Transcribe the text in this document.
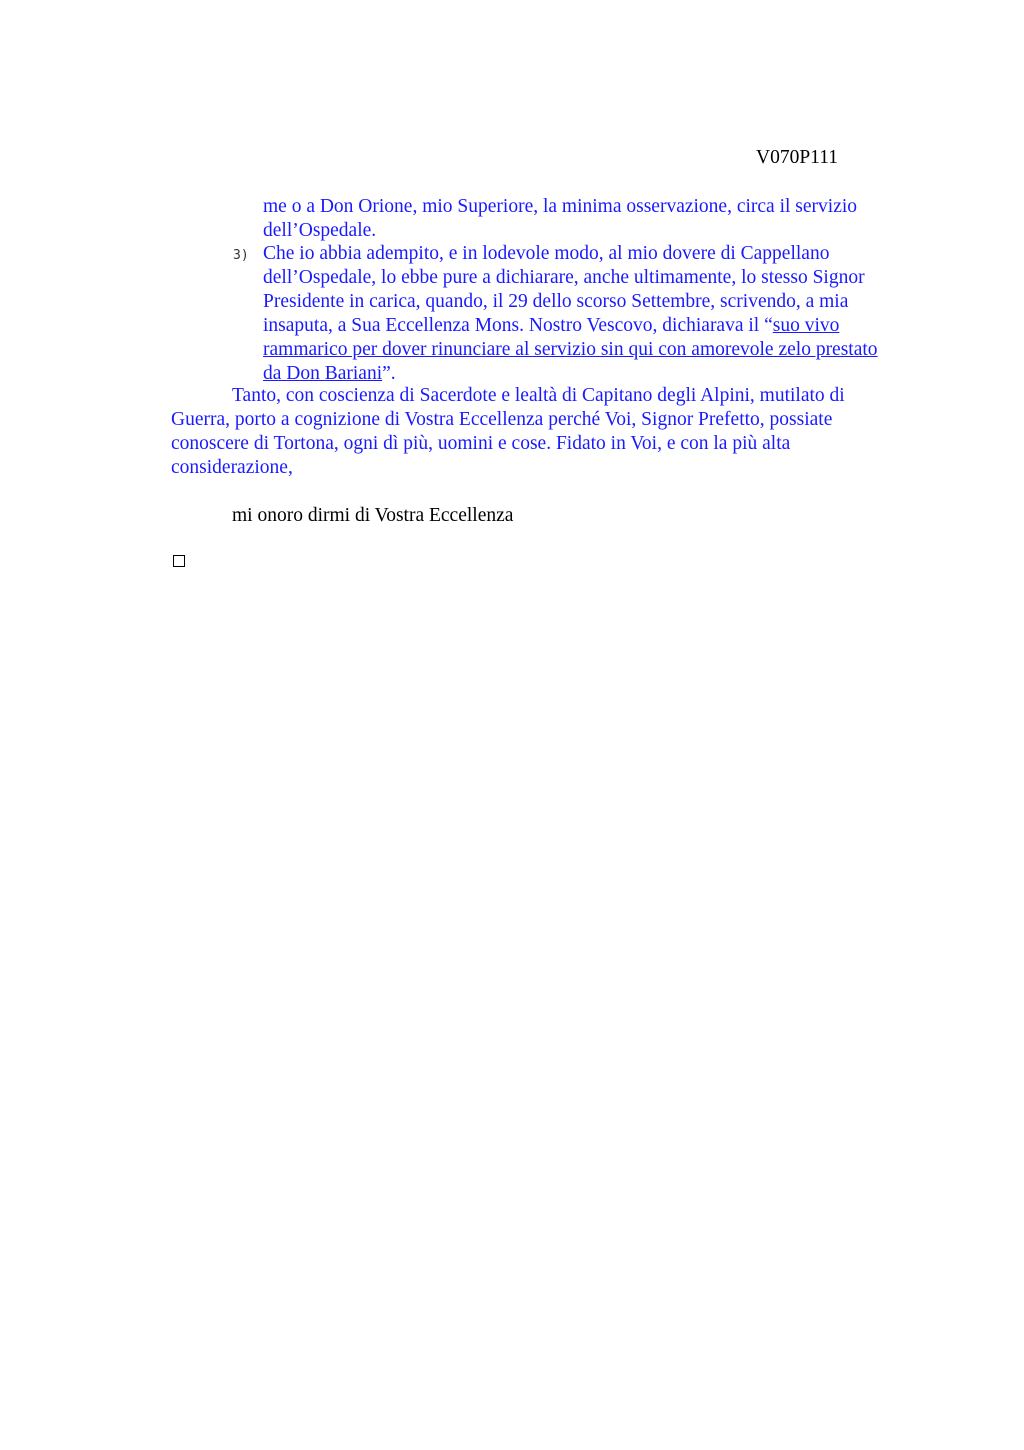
V070P111
me o a Don Orione, mio Superiore, la minima osservazione, circa il servizio
dell’Ospedale.
3) Che io abbia adempito, e in lodevole modo, al mio dovere di Cappellano
dell’Ospedale, lo ebbe pure a dichiarare, anche ultimamente, lo stesso Signor
Presidente in carica, quando, il 29 dello scorso Settembre, scrivendo, a mia
insaputa, a Sua Eccellenza Mons. Nostro Vescovo, dichiarava il “suo vivo
rammarico per dover rinunciare al servizio sin qui con amorevole zelo prestato
da Don Bariani”.
Tanto, con coscienza di Sacerdote e lealtà di Capitano degli Alpini, mutilato di
Guerra, porto a cognizione di Vostra Eccellenza perché Voi, Signor Prefetto, possiate
conoscere di Tortona, ogni dì più, uomini e cose. Fidato in Voi, e con la più alta
considerazione,
mi onoro dirmi di Vostra Eccellenza
